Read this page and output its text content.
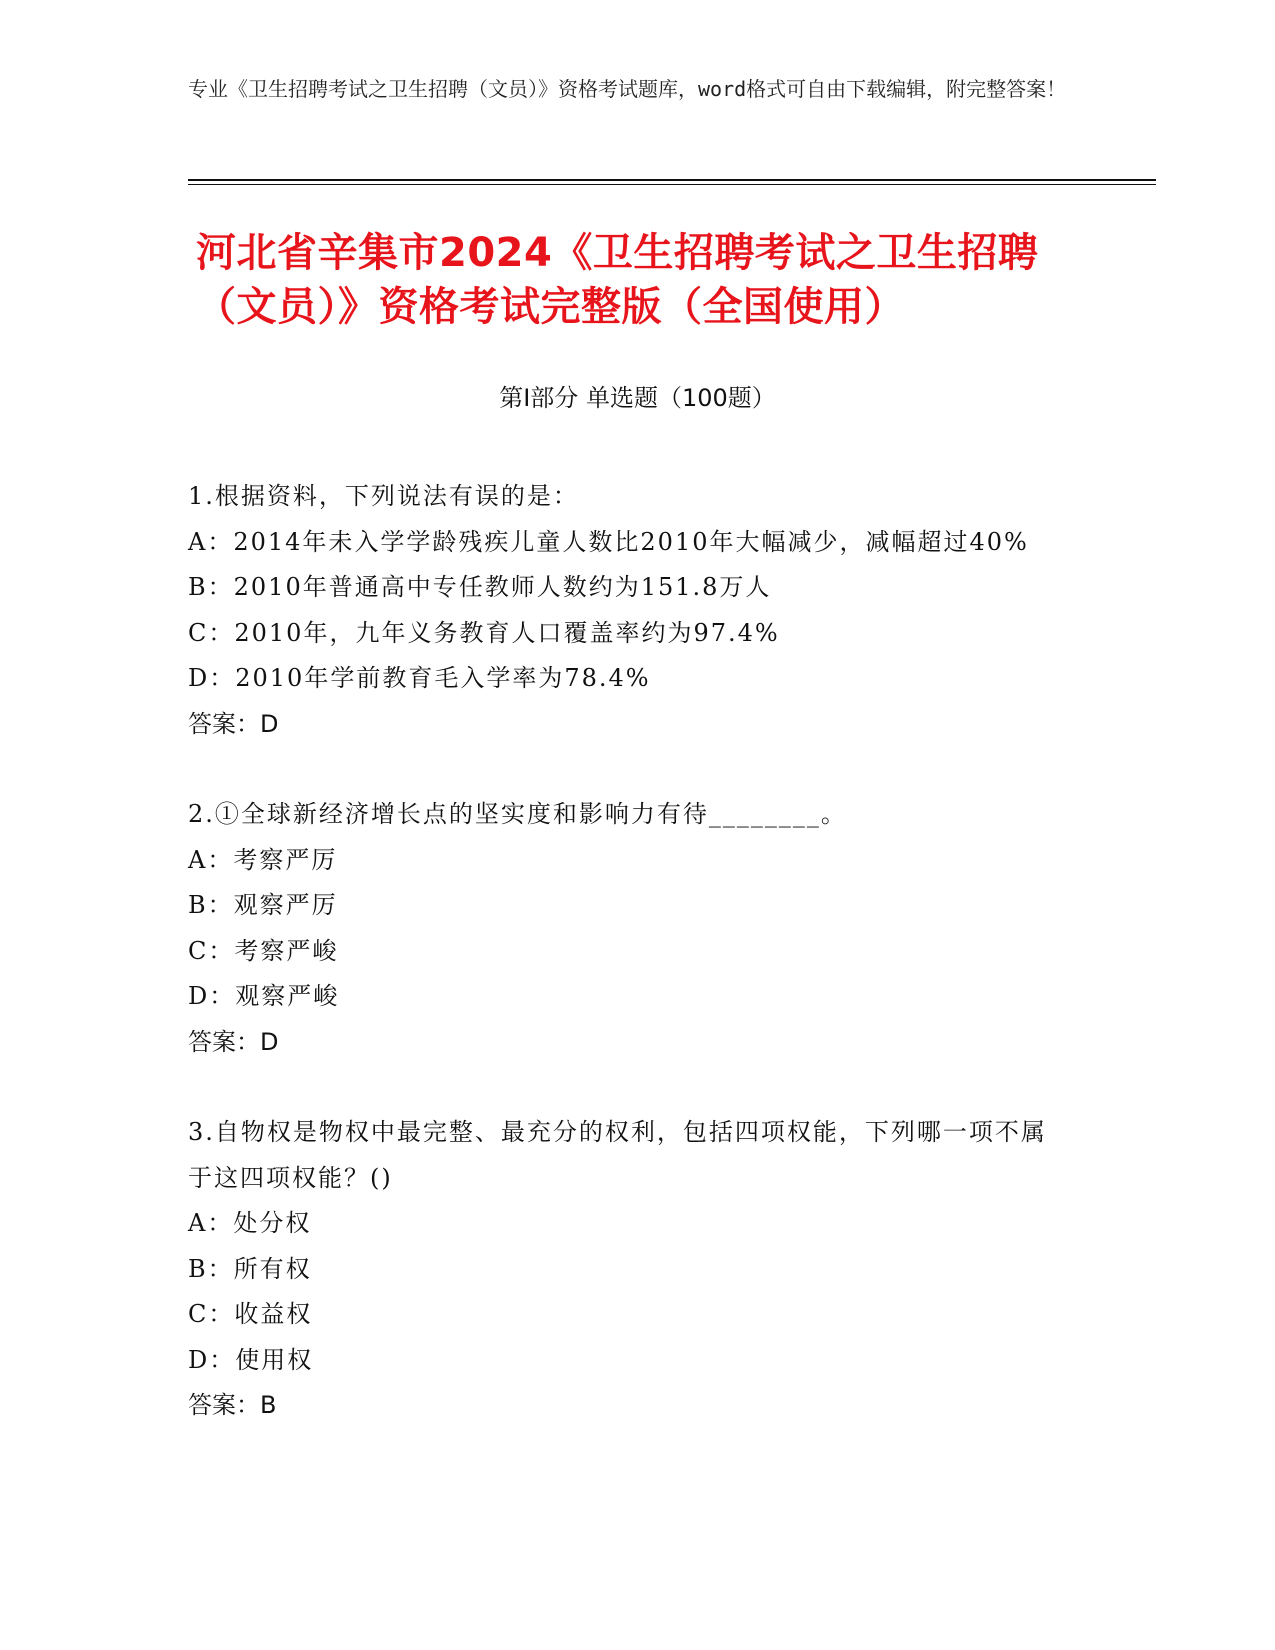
专业《卫生招聘考试之卫生招聘（文员）》资格考试题库，word格式可自由下载编辑，附完整答案！
河北省辛集市2024《卫生招聘考试之卫生招聘（文员）》资格考试完整版（全国使用）
第Ⅰ部分 单选题（100题）

1.根据资料，下列说法有误的是：

A：2014年未入学学龄残疾儿童人数比2010年大幅减少，减幅超过40%

B：2010年普通高中专任教师人数约为151.8万人

C：2010年，九年义务教育人口覆盖率约为97.4%

D：2010年学前教育毛入学率为78.4%

答案：D

2.①全球新经济增长点的坚实度和影响力有待________。

A：考察严厉

B：观察严厉

C：考察严峻

D：观察严峻

答案：D

3.自物权是物权中最完整、最充分的权利，包括四项权能，下列哪一项不属于这四项权能？()

A：处分权

B：所有权

C：收益权

D：使用权

答案：B
